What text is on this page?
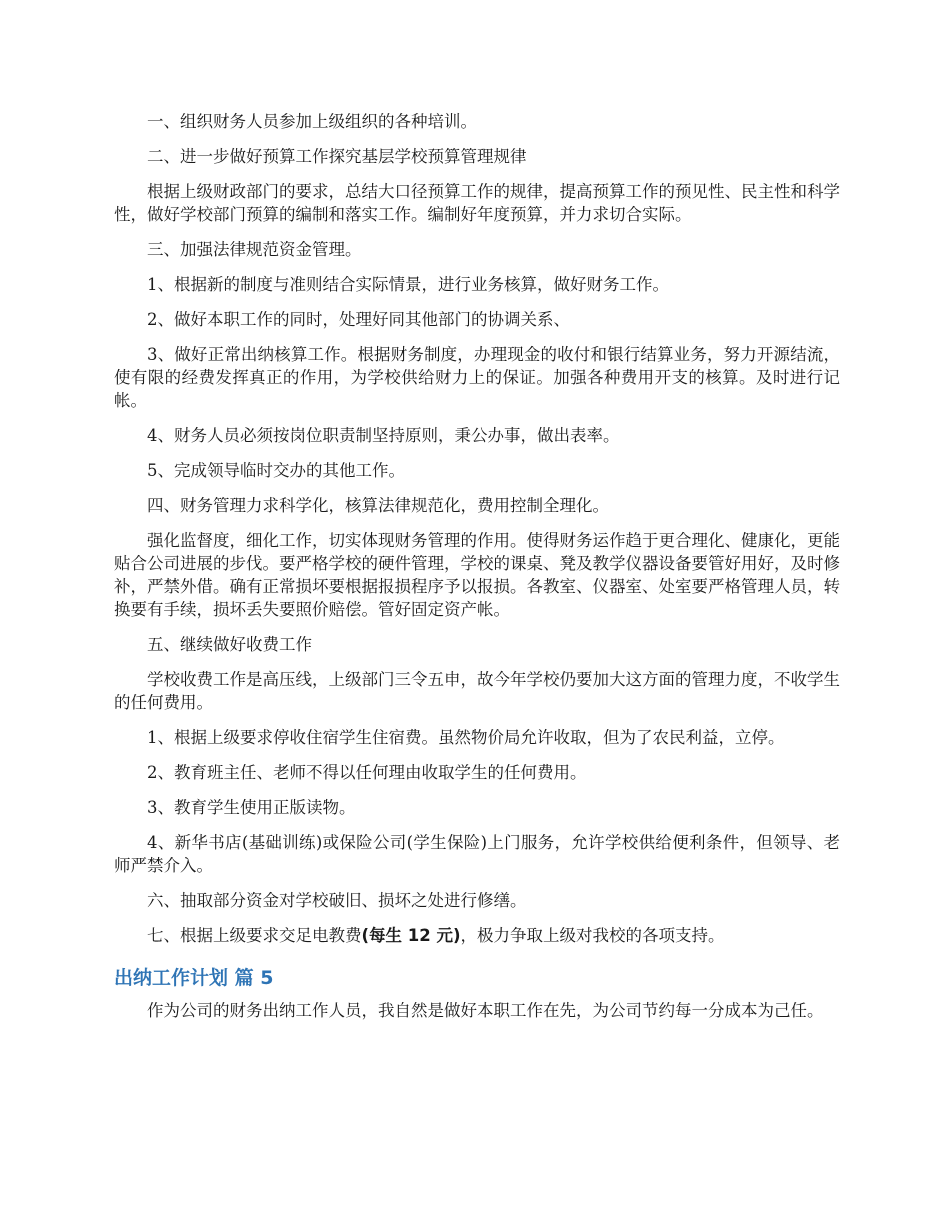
一、组织财务人员参加上级组织的各种培训。

二、进一步做好预算工作探究基层学校预算管理规律

根据上级财政部门的要求，总结大口径预算工作的规律，提高预算工作的预见性、民主性和科学性，做好学校部门预算的编制和落实工作。编制好年度预算，并力求切合实际。

三、加强法律规范资金管理。

1、根据新的制度与准则结合实际情景，进行业务核算，做好财务工作。

2、做好本职工作的同时，处理好同其他部门的协调关系、

3、做好正常出纳核算工作。根据财务制度，办理现金的收付和银行结算业务，努力开源结流，使有限的经费发挥真正的作用，为学校供给财力上的保证。加强各种费用开支的核算。及时进行记帐。

4、财务人员必须按岗位职责制坚持原则，秉公办事，做出表率。

5、完成领导临时交办的其他工作。

四、财务管理力求科学化，核算法律规范化，费用控制全理化。

强化监督度，细化工作，切实体现财务管理的作用。使得财务运作趋于更合理化、健康化，更能贴合公司进展的步伐。要严格学校的硬件管理，学校的课桌、凳及教学仪器设备要管好用好，及时修补，严禁外借。确有正常损坏要根据报损程序予以报损。各教室、仪器室、处室要严格管理人员，转换要有手续，损坏丢失要照价赔偿。管好固定资产帐。

五、继续做好收费工作

学校收费工作是高压线，上级部门三令五申，故今年学校仍要加大这方面的管理力度，不收学生的任何费用。

1、根据上级要求停收住宿学生住宿费。虽然物价局允许收取，但为了农民利益，立停。

2、教育班主任、老师不得以任何理由收取学生的任何费用。

3、教育学生使用正版读物。

4、新华书店(基础训练)或保险公司(学生保险)上门服务，允许学校供给便利条件，但领导、老师严禁介入。

六、抽取部分资金对学校破旧、损坏之处进行修缮。

七、根据上级要求交足电教费(每生 12 元)，极力争取上级对我校的各项支持。

出纳工作计划 篇 5

作为公司的财务出纳工作人员，我自然是做好本职工作在先，为公司节约每一分成本为己任。
